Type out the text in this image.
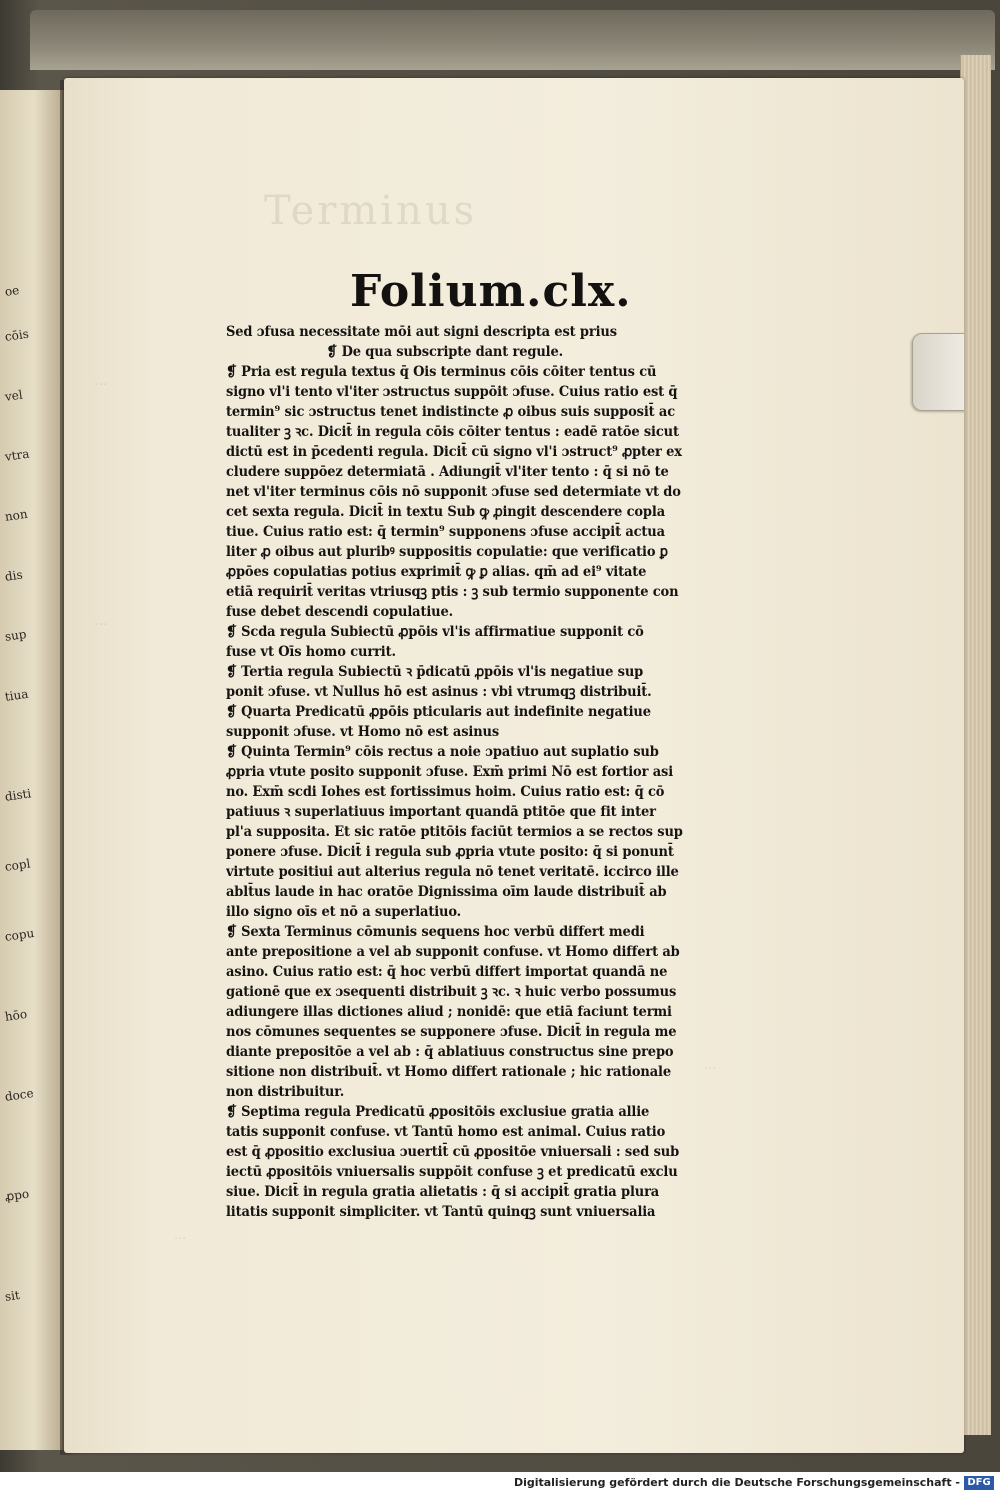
oe
cōis
vel
vtra
non
dis
sup
tiua
disti
copl
copu
hōo
doce
ꝓpo
sit
Terminus
...
...
...
...
Folium.clx.
Sed ɔfusa necessitate mōi aut signi descripta est prius
❡ De qua subscripte dant regule.
❡ Pria est regula textus q̄ Ois terminus cōis cōiter tentus cū
signo vl'i tento vl'iter ɔstructus suppōit ɔfuse. Cuius ratio est q̄
termin⁹ sic ɔstructus tenet indistincte ꝓ oibus suis supposit̄ ac
tualiter ꝫ ꝛc. Dicit̄ in regula cōis cōiter tentus : eadē ratōe sicut
dictū est in p̄cedenti regula. Dicit̄ cū signo vl'i ɔstruct⁹ ꝓpter ex
cludere suppōez determiatā . Adiungit̄ vl'iter tento : q̄ si nō te
net vl'iter terminus cōis nō supponit ɔfuse sed determiate vt do
cet sexta regula. Dicit̄ in textu Sub ꝙ ꝓingit descendere copla
tiue. Cuius ratio est: q̄ termin⁹ supponens ɔfuse accipit̄ actua
liter ꝓ oibus aut pluribꝰ suppositis copulatie: que verificatio ꝑ
ꝓpōes copulatias potius exprimit̄ ꝙ ꝑ alias. qm̄ ad ei⁹ vitate
etiā requirit̄ veritas vtriusqꝫ ptis : ꝫ sub termio supponente con
fuse debet descendi copulatiue.
❡ Scda regula Subiectū ꝓpōis vl'is affirmatiue supponit cō
fuse vt Oīs homo currit.
❡ Tertia regula Subiectū ꝛ p̄dicatū ꝓpōis vl'is negatiue sup
ponit ɔfuse. vt Nullus hō est asinus : vbi vtrumqꝫ distribuit̄.
❡ Quarta Predicatū ꝓpōis pticularis aut indefinite negatiue
supponit ɔfuse. vt Homo nō est asinus
❡ Quinta Termin⁹ cōis rectus a noie ɔpatiuo aut suplatio sub
ꝓpria vtute posito supponit ɔfuse. Exm̄ primi Nō est fortior asi
no. Exm̄ scdi Iohes est fortissimus hoim. Cuius ratio est: q̄ cō
patiuus ꝛ superlatiuus important quandā ptitōe que fit inter
pl'a supposita. Et sic ratōe ptitōis faciūt termios a se rectos sup
ponere ɔfuse. Dicit̄ i regula sub ꝓpria vtute posito: q̄ si ponunt̄
virtute positiui aut alterius regula nō tenet veritatē. iccirco ille
ablt̄us laude in hac oratōe Dignissima oīm laude distribuit̄ ab
illo signo oīs et nō a superlatiuo.
❡ Sexta Terminus cōmunis sequens hoc verbū differt medi
ante prepositione a vel ab supponit confuse. vt Homo differt ab
asino. Cuius ratio est: q̄ hoc verbū differt importat quandā ne
gationē que ex ɔsequenti distribuit ꝫ ꝛc. ꝛ huic verbo possumus
adiungere illas dictiones aliud ; nonidē: que etiā faciunt termi
nos cōmunes sequentes se supponere ɔfuse. Dicit̄ in regula me
diante prepositōe a vel ab : q̄ ablatiuus constructus sine prepo
sitione non distribuit̄. vt Homo differt rationale ; hic rationale
non distribuitur.
❡ Septima regula Predicatū ꝓpositōis exclusiue gratia allie
tatis supponit confuse. vt Tantū homo est animal. Cuius ratio
est q̄ ꝓpositio exclusiua ɔuertit̄ cū ꝓpositōe vniuersali : sed sub
iectū ꝓpositōis vniuersalis suppōit confuse ꝫ et predicatū exclu
siue. Dicit̄ in regula gratia alietatis : q̄ si accipit̄ gratia plura
litatis supponit simpliciter. vt Tantū quinqꝫ sunt vniuersalia
Digitalisierung gefördert durch die Deutsche Forschungsgemeinschaft - DFG
